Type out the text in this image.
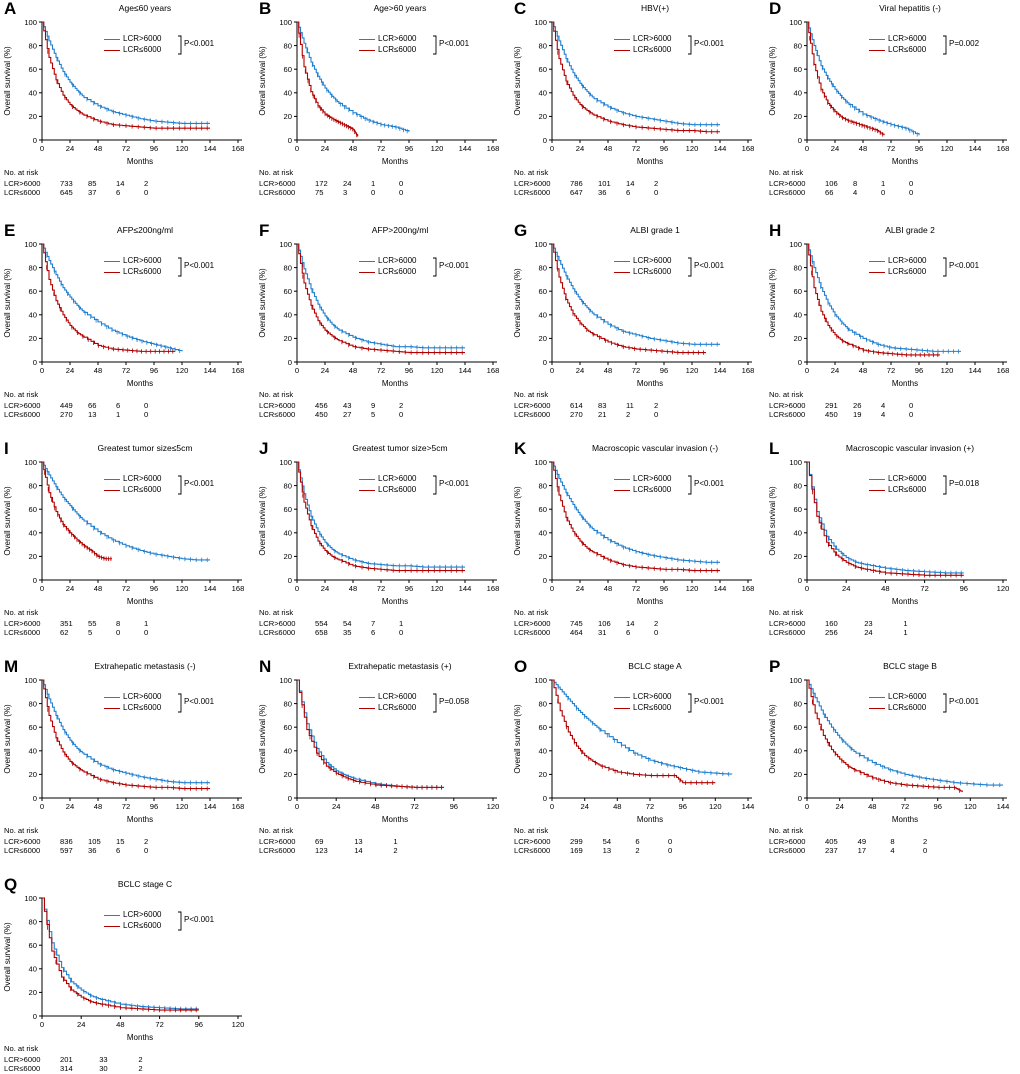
A	Age≤60 years
0
20
40
60
80
100
0	24	48	72	96 120 144 168
Overall survival (%)
Months
LCR>6000
LCR≤6000
P<0.001
No. at risk
LCR>6000	733 85	14	2
LCR≤6000	645 37	6	0
B	Age>60 years
0
20
40
60
80
100
0	24	48	72	96 120 144 168
Overall survival (%)
Months
LCR>6000
LCR≤6000
P<0.001
No. at risk
LCR>6000	172 24	1	0
LCR≤6000	75	3	0	0
C	HBV(+)
0
20
40
60
80
100
0	24	48	72	96 120 144 168
Overall survival (%)
Months
LCR>6000
LCR≤6000
P<0.001
No. at risk
LCR>6000	786 101 14	2
LCR≤6000	647 36	6	0
D	Viral hepatitis (-)
0
20
40
60
80
100
0	24	48	72	96 120 144 168
Overall survival (%)
Months
LCR>6000
LCR≤6000
P=0.002
No. at risk
LCR>6000	106 8	1	0
LCR≤6000	66	4	0	0
E	AFP≤200ng/ml
0
20
40
60
80
100
0	24	48	72	96 120 144 168
Overall survival (%)
Months
LCR>6000
LCR≤6000
P<0.001
No. at risk
LCR>6000	449 66	6	0
LCR≤6000	270 13	1	0
F	AFP>200ng/ml
0
20
40
60
80
100
0	24	48	72	96 120 144 168
Overall survival (%)
Months
LCR>6000
LCR≤6000
P<0.001
No. at risk
LCR>6000	456 43	9	2
LCR≤6000	450 27	5	0
G	ALBI grade 1
0
20
40
60
80
100
0	24	48	72	96 120 144 168
Overall survival (%)
Months
LCR>6000
LCR≤6000
P<0.001
No. at risk
LCR>6000	614 83	11	2
LCR≤6000	270 21	2	0
H	ALBI grade 2
0
20
40
60
80
100
0	24	48	72	96 120 144 168
Overall survival (%)
Months
LCR>6000
LCR≤6000
P<0.001
No. at risk
LCR>6000	291 26	4	0
LCR≤6000	450 19	4	0
I	Greatest tumor size≤5cm
0
20
40
60
80
100
0	24	48	72	96 120 144 168
Overall survival (%)
Months
LCR>6000
LCR≤6000
P<0.001
No. at risk
LCR>6000	351 55	8	1
LCR≤6000	62	5	0	0
J	Greatest tumor size>5cm
0
20
40
60
80
100
0	24	48	72	96 120 144 168
Overall survival (%)
Months
LCR>6000
LCR≤6000
P<0.001
No. at risk
LCR>6000	554 54	7	1
LCR≤6000	658 35	6	0
K	Macroscopic vascular invasion (-)
0
20
40
60
80
100
0	24	48	72	96 120 144 168
Overall survival (%)
Months
LCR>6000
LCR≤6000
P<0.001
No. at risk
LCR>6000	745 106 14	2
LCR≤6000	464 31	6	0
L	Macroscopic vascular invasion (+)
0
20
40
60
80
100
0	24	48	72	96	120
Overall survival (%)
Months
LCR>6000
LCR≤6000
P=0.018
No. at risk
LCR>6000	160	23	1
LCR≤6000	256	24	1
M	Extrahepatic metastasis (-)
0
20
40
60
80
100
0	24	48	72	96 120 144 168
Overall survival (%)
Months
LCR>6000
LCR≤6000
P<0.001
No. at risk
LCR>6000	836 105 15	2
LCR≤6000	597 36	6	0
N	Extrahepatic metastasis (+)
0
20
40
60
80
100
0	24	48	72	96	120
Overall survival (%)
Months
LCR>6000
LCR≤6000
P=0.058
No. at risk
LCR>6000	69	13	1
LCR≤6000	123	14	2
O	BCLC stage A
0
20
40
60
80
100
0	24	48	72	96	120	144
Overall survival (%)
Months
LCR>6000
LCR≤6000
P<0.001
No. at risk
LCR>6000	299	54	6	0
LCR≤6000	169	13	2	0
P	BCLC stage B
0
20
40
60
80
100
0	24	48	72	96	120	144
Overall survival (%)
Months
LCR>6000
LCR≤6000
P<0.001
No. at risk
LCR>6000	405	49	8	2
LCR≤6000	237	17	4	0
Q	BCLC stage C
0
20
40
60
80
100
0	24	48	72	96	120
Overall survival (%)
Months
LCR>6000
LCR≤6000
P<0.001
No. at risk
LCR>6000	201	33	2
LCR≤6000	314	30	2
